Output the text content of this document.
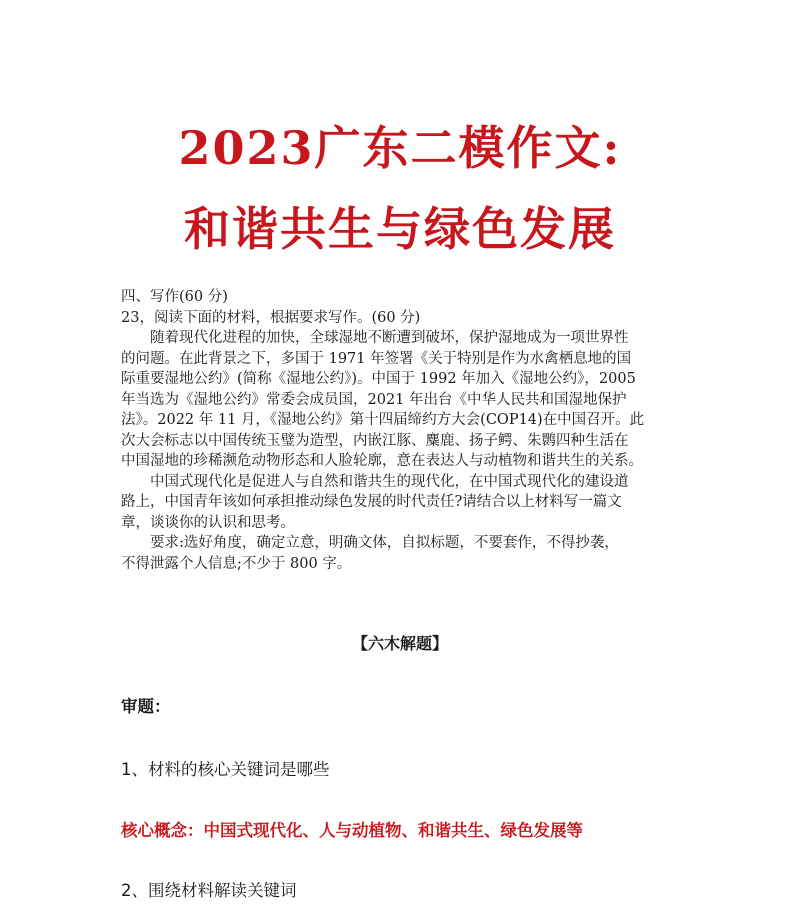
2023广东二模作文:
和谐共生与绿色发展
四、写作(60 分)
23，阅读下面的材料，根据要求写作。(60 分)
随着现代化进程的加快，全球湿地不断遭到破坏，保护湿地成为一项世界性
的问题。在此背景之下，多国于 1971 年签署《关于特别是作为水禽栖息地的国
际重要湿地公约》(简称《湿地公约》)。中国于 1992 年加入《湿地公约》，2005
年当选为《湿地公约》常委会成员国，2021 年出台《中华人民共和国湿地保护
法》。2022 年 11 月，《湿地公约》第十四届缔约方大会(COP14)在中国召开。此
次大会标志以中国传统玉璧为造型，内嵌江豚、麋鹿、扬子鳄、朱鹮四种生活在
中国湿地的珍稀濒危动物形态和人脸轮廓，意在表达人与动植物和谐共生的关系。
中国式现代化是促进人与自然和谐共生的现代化，在中国式现代化的建设道
路上，中国青年该如何承担推动绿色发展的时代责任?请结合以上材料写一篇文
章，谈谈你的认识和思考。
要求:选好角度，确定立意，明确文体，自拟标题，不要套作，不得抄袭，
不得泄露个人信息;不少于 800 字。
【六木解题】
审题：
1、材料的核心关键词是哪些
核心概念：中国式现代化、人与动植物、和谐共生、绿色发展等
2、围绕材料解读关键词
